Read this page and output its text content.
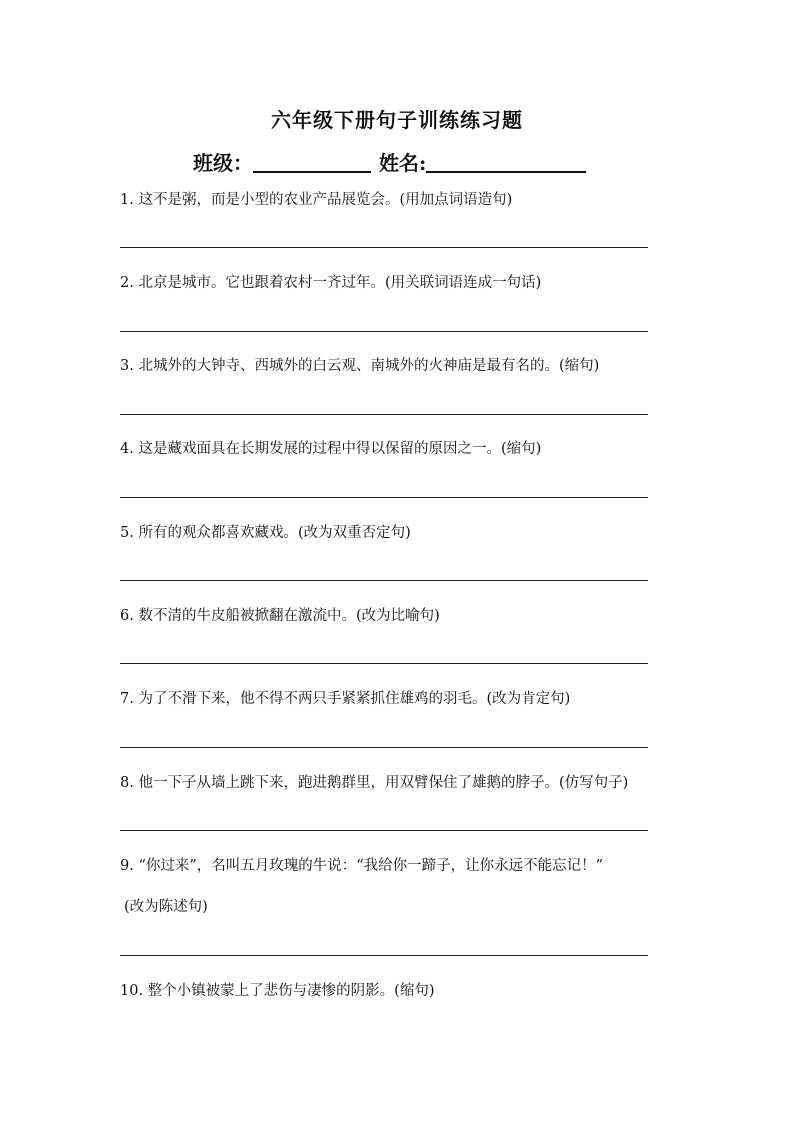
六年级下册句子训练练习题
班级：	姓名:
1. 这不是粥，而是小型的农业产品展览会。(用加点词语造句)
2. 北京是城市。它也跟着农村一齐过年。(用关联词语连成一句话)
3. 北城外的大钟寺、西城外的白云观、南城外的火神庙是最有名的。(缩句)
4. 这是藏戏面具在长期发展的过程中得以保留的原因之一。(缩句)
5. 所有的观众都喜欢藏戏。(改为双重否定句)
6. 数不清的牛皮船被掀翻在激流中。(改为比喻句)
7. 为了不滑下来，他不得不两只手紧紧抓住雄鸡的羽毛。(改为肯定句)
8. 他一下子从墙上跳下来，跑进鹅群里，用双臂保住了雄鹅的脖子。(仿写句子)
9. “你过来”，名叫五月玫瑰的牛说：“我给你一蹄子，让你永远不能忘记！”
(改为陈述句)
10. 整个小镇被蒙上了悲伤与凄惨的阴影。(缩句)
